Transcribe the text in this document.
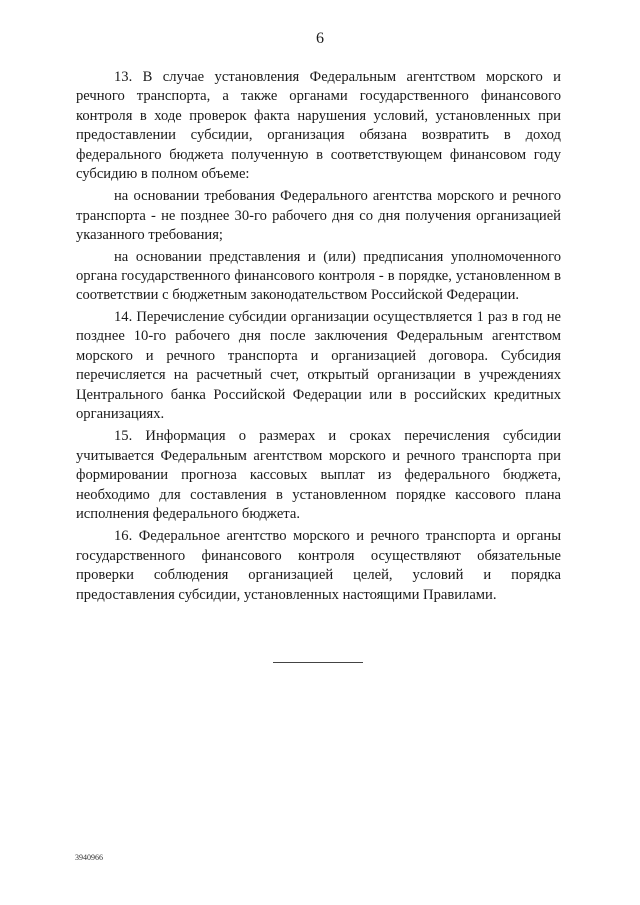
6

13. В случае установления Федеральным агентством морского и речного транспорта, а также органами государственного финансового контроля в ходе проверок факта нарушения условий, установленных при предоставлении субсидии, организация обязана возвратить в доход федерального бюджета полученную в соответствующем финансовом году субсидию в полном объеме:

на основании требования Федерального агентства морского и речного транспорта - не позднее 30-го рабочего дня со дня получения организацией указанного требования;

на основании представления и (или) предписания уполномоченного органа государственного финансового контроля - в порядке, установленном в соответствии с бюджетным законодательством Российской Федерации.

14. Перечисление субсидии организации осуществляется 1 раз в год не позднее 10-го рабочего дня после заключения Федеральным агентством морского и речного транспорта и организацией договора. Субсидия перечисляется на расчетный счет, открытый организации в учреждениях Центрального банка Российской Федерации или в российских кредитных организациях.

15. Информация о размерах и сроках перечисления субсидии учитывается Федеральным агентством морского и речного транспорта при формировании прогноза кассовых выплат из федерального бюджета, необходимо для составления в установленном порядке кассового плана исполнения федерального бюджета.

16. Федеральное агентство морского и речного транспорта и органы государственного финансового контроля осуществляют обязательные проверки соблюдения организацией целей, условий и порядка предоставления субсидии, установленных настоящими Правилами.

3940966
